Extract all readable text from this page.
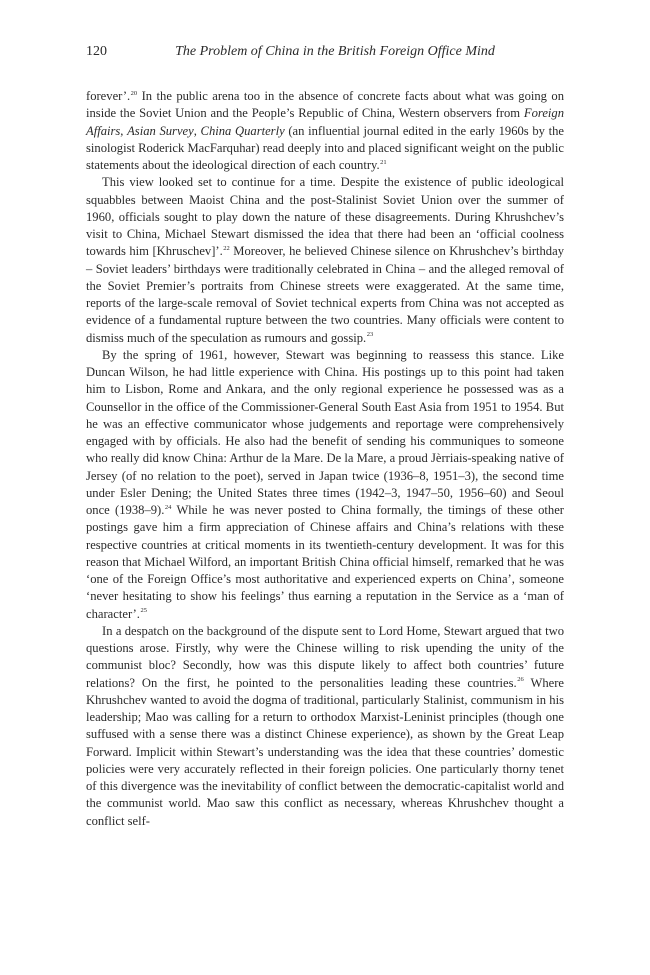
120	The Problem of China in the British Foreign Office Mind

forever’.$^{20}$ In the public arena too in the absence of concrete facts about what was going on inside the Soviet Union and the People’s Republic of China, Western observers from Foreign Affairs, Asian Survey, China Quarterly (an influential journal edited in the early 1960s by the sinologist Roderick MacFarquhar) read deeply into and placed significant weight on the public statements about the ideological direction of each country.$^{21}$

This view looked set to continue for a time. Despite the existence of public ideological squabbles between Maoist China and the post-Stalinist Soviet Union over the summer of 1960, officials sought to play down the nature of these disagreements. During Khrushchev’s visit to China, Michael Stewart dismissed the idea that there had been an ‘official coolness towards him [Khruschev]’.$^{22}$ Moreover, he believed Chinese silence on Khrushchev’s birthday – Soviet leaders’ birthdays were traditionally celebrated in China – and the alleged removal of the Soviet Premier’s portraits from Chinese streets were exaggerated. At the same time, reports of the large-scale removal of Soviet technical experts from China was not accepted as evidence of a fundamental rupture between the two countries. Many officials were content to dismiss much of the speculation as rumours and gossip.$^{23}$

By the spring of 1961, however, Stewart was beginning to reassess this stance. Like Duncan Wilson, he had little experience with China. His postings up to this point had taken him to Lisbon, Rome and Ankara, and the only regional experience he possessed was as a Counsellor in the office of the Commissioner-General South East Asia from 1951 to 1954. But he was an effective communicator whose judgements and reportage were comprehensively engaged with by officials. He also had the benefit of sending his communiques to someone who really did know China: Arthur de la Mare. De la Mare, a proud Jèrriais-speaking native of Jersey (of no relation to the poet), served in Japan twice (1936–8, 1951–3), the second time under Esler Dening; the United States three times (1942–3, 1947–50, 1956–60) and Seoul once (1938–9).$^{24}$ While he was never posted to China formally, the timings of these other postings gave him a firm appreciation of Chinese affairs and China’s relations with these respective countries at critical moments in its twentieth-century development. It was for this reason that Michael Wilford, an important British China official himself, remarked that he was ‘one of the Foreign Office’s most authoritative and experienced experts on China’, someone ‘never hesitating to show his feelings’ thus earning a reputation in the Service as a ‘man of character’.$^{25}$

In a despatch on the background of the dispute sent to Lord Home, Stewart argued that two questions arose. Firstly, why were the Chinese willing to risk upending the unity of the communist bloc? Secondly, how was this dispute likely to affect both countries’ future relations? On the first, he pointed to the personalities leading these countries.$^{26}$ Where Khrushchev wanted to avoid the dogma of traditional, particularly Stalinist, communism in his leadership; Mao was calling for a return to orthodox Marxist-Leninist principles (though one suffused with a sense there was a distinct Chinese experience), as shown by the Great Leap Forward. Implicit within Stewart’s understanding was the idea that these countries’ domestic policies were very accurately reflected in their foreign policies. One particularly thorny tenet of this divergence was the inevitability of conflict between the democratic-capitalist world and the communist world. Mao saw this conflict as necessary, whereas Khrushchev thought a conflict self-
